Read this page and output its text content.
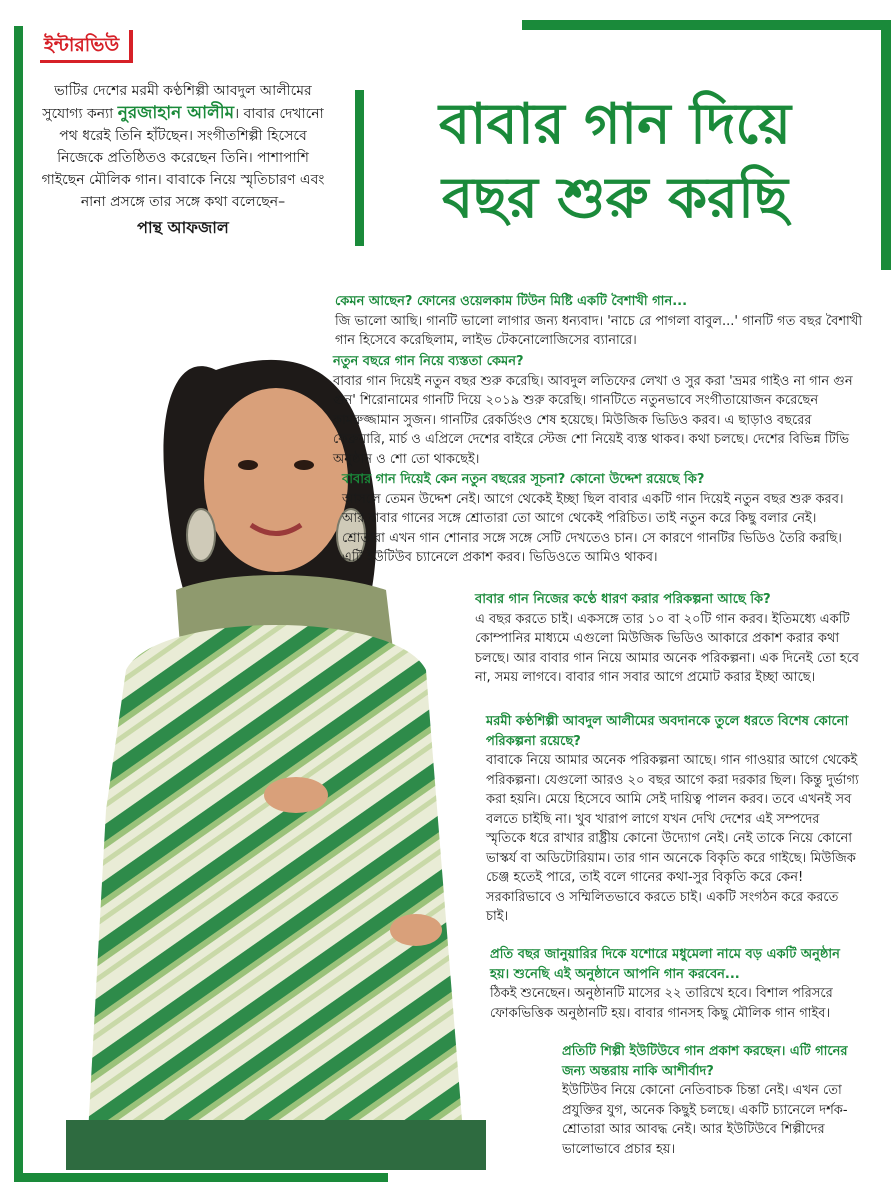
ইন্টারভিউ
ভাটির দেশের মরমী কণ্ঠশিল্পী আবদুল আলীমের সুযোগ্য কন্যা নুরজাহান আলীম। বাবার দেখানো পথ ধরেই তিনি হাঁটছেন। সংগীতশিল্পী হিসেবে নিজেকে প্রতিষ্ঠিতও করেছেন তিনি। পাশাপাশি গাইছেন মৌলিক গান। বাবাকে নিয়ে স্মৃতিচারণ এবং নানা প্রসঙ্গে তার সঙ্গে কথা বলেছেন–
পান্থ আফজাল
বাবার গান দিয়ে
বছর শুরু করছি
কেমন আছেন? ফোনের ওয়েলকাম টিউন মিষ্টি একটি বৈশাখী গান...
জি ভালো আছি। গানটি ভালো লাগার জন্য ধন্যবাদ। 'নাচে রে পাগলা বাবুল...' গানটি গত বছর বৈশাখী গান হিসেবে করেছিলাম, লাইভ টেকনোলোজিসের ব্যানারে।
নতুন বছরে গান নিয়ে ব্যস্ততা কেমন?
বাবার গান দিয়েই নতুন বছর শুরু করেছি। আবদুল লতিফের লেখা ও সুর করা 'ভ্রমর গাইও না গান গুন গুন' শিরোনামের গানটি দিয়ে ২০১৯ শুরু করেছি। গানটিতে নতুনভাবে সংগীতায়োজন করেছেন কামরুজ্জামান সুজন। গানটির রেকর্ডিংও শেষ হয়েছে। মিউজিক ভিডিও করব। এ ছাড়াও বছরের ফেব্রুয়ারি, মার্চ ও এপ্রিলে দেশের বাইরে স্টেজ শো নিয়েই ব্যস্ত থাকব। কথা চলছে। দেশের বিভিন্ন টিভি অনুষ্ঠান ও শো তো থাকছেই।
বাবার গান দিয়েই কেন নতুন বছরের সূচনা? কোনো উদ্দেশ রয়েছে কি?
আসলে তেমন উদ্দেশ নেই। আগে থেকেই ইচ্ছা ছিল বাবার একটি গান দিয়েই নতুন বছর শুরু করব। আর বাবার গানের সঙ্গে শ্রোতারা তো আগে থেকেই পরিচিত। তাই নতুন করে কিছু বলার নেই। শ্রোতারা এখন গান শোনার সঙ্গে সঙ্গে সেটি দেখতেও চান। সে কারণে গানটির ভিডিও তৈরি করছি। এটি ইউটিউব চ্যানেলে প্রকাশ করব। ভিডিওতে আমিও থাকব।
বাবার গান নিজের কণ্ঠে ধারণ করার পরিকল্পনা আছে কি?
এ বছর করতে চাই। একসঙ্গে তার ১০ বা ২০টি গান করব। ইতিমধ্যে একটি কোম্পানির মাধ্যমে এগুলো মিউজিক ভিডিও আকারে প্রকাশ করার কথা চলছে। আর বাবার গান নিয়ে আমার অনেক পরিকল্পনা। এক দিনেই তো হবে না, সময় লাগবে। বাবার গান সবার আগে প্রমোট করার ইচ্ছা আছে।
মরমী কণ্ঠশিল্পী আবদুল আলীমের অবদানকে তুলে ধরতে বিশেষ কোনো পরিকল্পনা রয়েছে?
বাবাকে নিয়ে আমার অনেক পরিকল্পনা আছে। গান গাওয়ার আগে থেকেই পরিকল্পনা। যেগুলো আরও ২০ বছর আগে করা দরকার ছিল। কিন্তু দুর্ভাগ্য করা হয়নি। মেয়ে হিসেবে আমি সেই দায়িত্ব পালন করব। তবে এখনই সব বলতে চাইছি না। খুব খারাপ লাগে যখন দেখি দেশের এই সম্পদের স্মৃতিকে ধরে রাখার রাষ্ট্রীয় কোনো উদ্যোগ নেই। নেই তাকে নিয়ে কোনো ভাস্কর্য বা অডিটোরিয়াম। তার গান অনেকে বিকৃতি করে গাইছে। মিউজিক চেঞ্জ হতেই পারে, তাই বলে গানের কথা-সুর বিকৃতি করে কেন! সরকারিভাবে ও সম্মিলিতভাবে করতে চাই। একটি সংগঠন করে করতে চাই।
প্রতি বছর জানুয়ারির দিকে যশোরে মধুমেলা নামে বড় একটি অনুষ্ঠান হয়। শুনেছি এই অনুষ্ঠানে আপনি গান করবেন...
ঠিকই শুনেছেন। অনুষ্ঠানটি মাসের ২২ তারিখে হবে। বিশাল পরিসরে ফোকভিত্তিক অনুষ্ঠানটি হয়। বাবার গানসহ কিছু মৌলিক গান গাইব।
প্রতিটি শিল্পী ইউটিউবে গান প্রকাশ করছেন। এটি গানের জন্য অন্তরায় নাকি আশীর্বাদ?
ইউটিউব নিয়ে কোনো নেতিবাচক চিন্তা নেই। এখন তো প্রযুক্তির যুগ, অনেক কিছুই চলছে। একটি চ্যানেলে দর্শক-শ্রোতারা আর আবদ্ধ নেই। আর ইউটিউবে শিল্পীদের ভালোভাবে প্রচার হয়।
